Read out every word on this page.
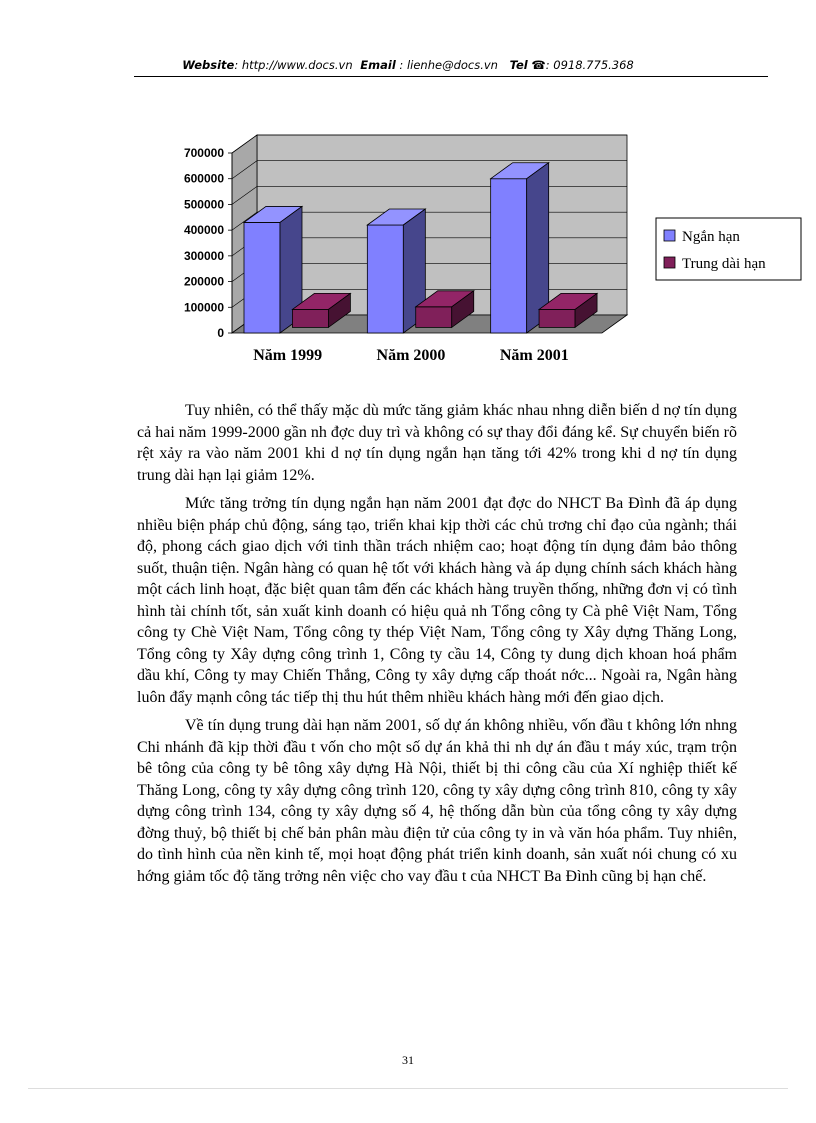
Website: http://www.docs.vn Email : lienhe@docs.vn Tel ☎: 0918.775.368
700000
600000
500000
400000
300000
200000
100000
0
Năm 1999	Năm 2000	Năm 2001
Ngắn hạn
Trung dài hạn

Tuy nhiên, có thể thấy mặc dù mức tăng giảm khác nhau nhng diễn biến d nợ tín dụng cả hai năm 1999-2000 gần nh đợc duy trì và không có sự thay đổi đáng kể. Sự chuyển biến rõ rệt xảy ra vào năm 2001 khi d nợ tín dụng ngắn hạn tăng tới 42% trong khi d nợ tín dụng trung dài hạn lại giảm 12%.

Mức tăng trởng tín dụng ngắn hạn năm 2001 đạt đợc do NHCT Ba Đình đã áp dụng nhiều biện pháp chủ động, sáng tạo, triển khai kịp thời các chủ trơng chỉ đạo của ngành; thái độ, phong cách giao dịch với tinh thần trách nhiệm cao; hoạt động tín dụng đảm bảo thông suốt, thuận tiện. Ngân hàng có quan hệ tốt với khách hàng và áp dụng chính sách khách hàng một cách linh hoạt, đặc biệt quan tâm đến các khách hàng truyền thống, những đơn vị có tình hình tài chính tốt, sản xuất kinh doanh có hiệu quả nh Tổng công ty Cà phê Việt Nam, Tổng công ty Chè Việt Nam, Tổng công ty thép Việt Nam, Tổng công ty Xây dựng Thăng Long, Tổng công ty Xây dựng công trình 1, Công ty cầu 14, Công ty dung dịch khoan hoá phẩm dầu khí, Công ty may Chiến Thắng, Công ty xây dựng cấp thoát nớc... Ngoài ra, Ngân hàng luôn đẩy mạnh công tác tiếp thị thu hút thêm nhiều khách hàng mới đến giao dịch.

Về tín dụng trung dài hạn năm 2001, số dự án không nhiều, vốn đầu t không lớn nhng Chi nhánh đã kịp thời đầu t vốn cho một số dự án khả thi nh dự án đầu t máy xúc, trạm trộn bê tông của công ty bê tông xây dựng Hà Nội, thiết bị thi công cầu của Xí nghiệp thiết kế Thăng Long, công ty xây dựng công trình 120, công ty xây dựng công trình 810, công ty xây dựng công trình 134, công ty xây dựng số 4, hệ thống dẫn bùn của tổng công ty xây dựng đờng thuỷ, bộ thiết bị chế bản phân màu điện tử của công ty in và văn hóa phẩm. Tuy nhiên, do tình hình của nền kinh tế, mọi hoạt động phát triển kinh doanh, sản xuất nói chung có xu hớng giảm tốc độ tăng trởng nên việc cho vay đầu t của NHCT Ba Đình cũng bị hạn chế.

31
